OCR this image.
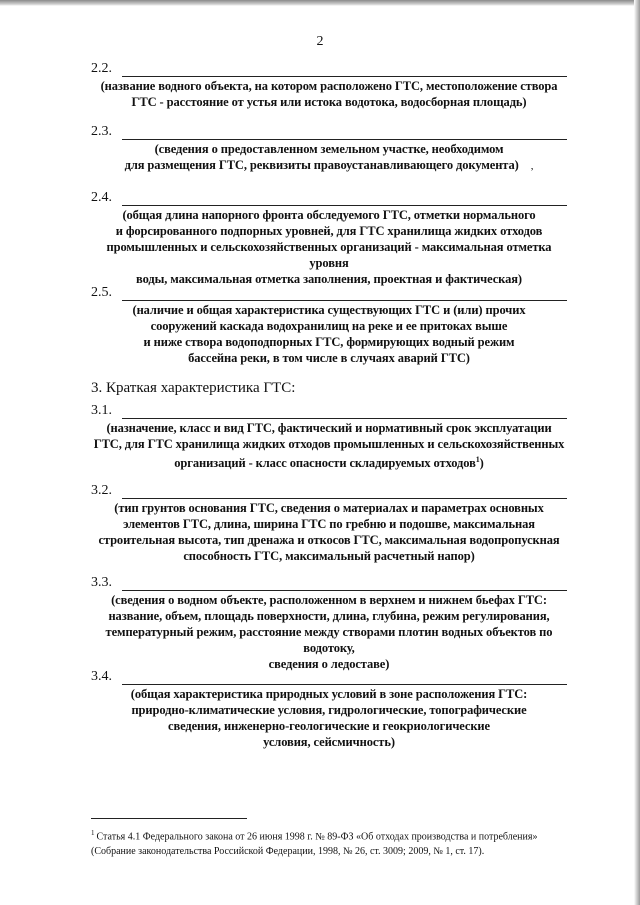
2
2.2.
(название водного объекта, на котором расположено ГТС, местоположение створа
ГТС - расстояние от устья или истока водотока, водосборная площадь)
2.3.
(сведения о предоставленном земельном участке, необходимом
для размещения ГТС, реквизиты правоустанавливающего документа) ,
2.4.
(общая длина напорного фронта обследуемого ГТС, отметки нормального
и форсированного подпорных уровней, для ГТС хранилища жидких отходов
промышленных и сельскохозяйственных организаций - максимальная отметка уровня
воды, максимальная отметка заполнения, проектная и фактическая)
2.5.
(наличие и общая характеристика существующих ГТС и (или) прочих
сооружений каскада водохранилищ на реке и ее притоках выше
и ниже створа водоподпорных ГТС, формирующих водный режим
бассейна реки, в том числе в случаях аварий ГТС)
3. Краткая характеристика ГТС:
3.1.
(назначение, класс и вид ГТС, фактический и нормативный срок эксплуатации
ГТС, для ГТС хранилища жидких отходов промышленных и сельскохозяйственных
организаций - класс опасности складируемых отходов$^1$)
3.2.
(тип грунтов основания ГТС, сведения о материалах и параметрах основных
элементов ГТС, длина, ширина ГТС по гребню и подошве, максимальная
строительная высота, тип дренажа и откосов ГТС, максимальная водопропускная
способность ГТС, максимальный расчетный напор)
3.3.
(сведения о водном объекте, расположенном в верхнем и нижнем бьефах ГТС:
название, объем, площадь поверхности, длина, глубина, режим регулирования,
температурный режим, расстояние между створами плотин водных объектов по водотоку,
сведения о ледоставе)
3.4.
(общая характеристика природных условий в зоне расположения ГТС:
природно-климатические условия, гидрологические, топографические
сведения, инженерно-геологические и геокриологические
условия, сейсмичность)
$^1$ Статья 4.1 Федерального закона от 26 июня 1998 г. № 89-ФЗ «Об отходах производства и потребления»
(Собрание законодательства Российской Федерации, 1998, № 26, ст. 3009; 2009, № 1, ст. 17).
